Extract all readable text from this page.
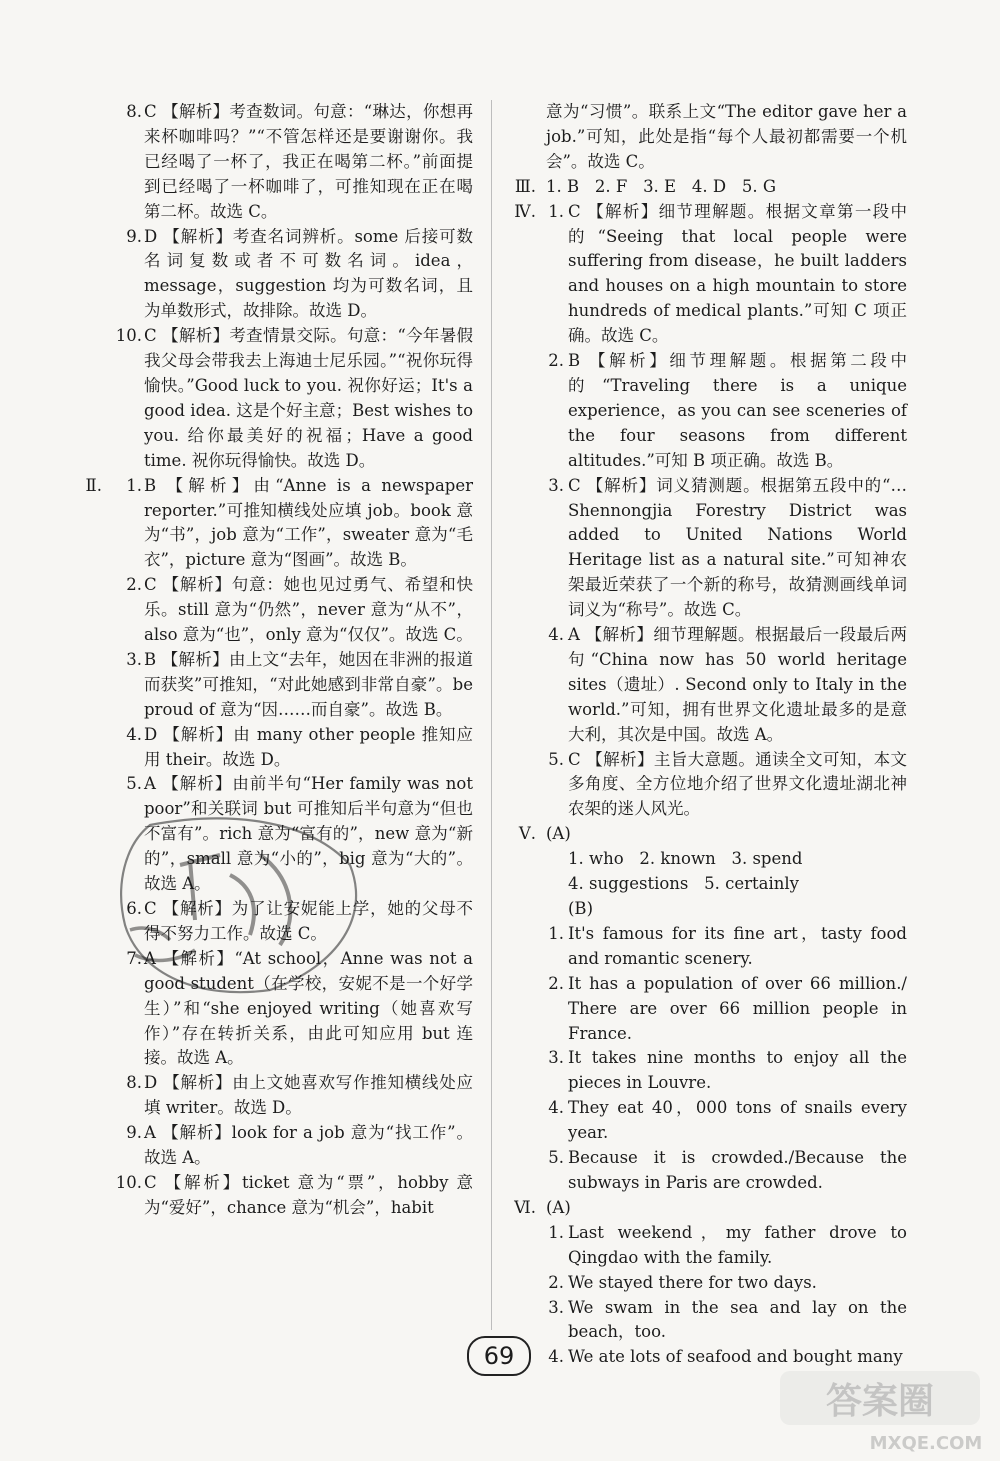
8. C 【解析】考查数词。句意：“琳达，你想再来杯咖啡吗？”“不管怎样还是要谢谢你。我已经喝了一杯了，我正在喝第二杯。”前面提到已经喝了一杯咖啡了，可推知现在正在喝第二杯。故选 C。

9. D 【解析】考查名词辨析。some 后接可数名词复数或者不可数名词。idea，message，suggestion 均为可数名词，且为单数形式，故排除。故选 D。

10. C 【解析】考查情景交际。句意：“今年暑假我父母会带我去上海迪士尼乐园。”“祝你玩得愉快。”Good luck to you. 祝你好运；It's a good idea. 这是个好主意；Best wishes to you. 给你最美好的祝福；Have a good time. 祝你玩得愉快。故选 D。

Ⅱ.	1. B 【解析】由“Anne is a newspaper reporter.”可推知横线处应填 job。book 意为“书”，job 意为“工作”，sweater 意为“毛衣”，picture 意为“图画”。故选 B。

2. C 【解析】句意：她也见过勇气、希望和快乐。still 意为“仍然”，never 意为“从不”，also 意为“也”，only 意为“仅仅”。故选 C。

3. B 【解析】由上文“去年，她因在非洲的报道而获奖”可推知，“对此她感到非常自豪”。be proud of 意为“因……而自豪”。故选 B。

4. D 【解析】由 many other people 推知应用 their。故选 D。

5. A 【解析】由前半句“Her family was not poor”和关联词 but 可推知后半句意为“但也不富有”。rich 意为“富有的”，new 意为“新的”，small 意为“小的”，big 意为“大的”。故选 A。

6. C 【解析】为了让安妮能上学，她的父母不得不努力工作。故选 C。

7. A 【解析】“At school，Anne was not a good student（在学校，安妮不是一个好学生）”和“she enjoyed writing（她喜欢写作）”存在转折关系，由此可知应用 but 连接。故选 A。

8. D 【解析】由上文她喜欢写作推知横线处应填 writer。故选 D。

9. A 【解析】look for a job 意为“找工作”。故选 A。

10. C 【解析】ticket 意为“票”，hobby 意为“爱好”，chance 意为“机会”，habit

意为“习惯”。联系上文“The editor gave her a job.”可知，此处是指“每个人最初都需要一个机会”。故选 C。

Ⅲ. 1. B 2. F 3. E 4. D 5. G

Ⅳ. 1. C 【解析】细节理解题。根据文章第一段中的“Seeing that local people were suffering from disease，he built ladders and houses on a high mountain to store hundreds of medical plants.”可知 C 项正确。故选 C。

2. B 【解析】细节理解题。根据第二段中的“Traveling there is a unique experience，as you can see sceneries of the four seasons from different altitudes.”可知 B 项正确。故选 B。

3. C 【解析】词义猜测题。根据第五段中的“… Shennongjia Forestry District was added to United Nations World Heritage list as a natural site.”可知神农架最近荣获了一个新的称号，故猜测画线单词词义为“称号”。故选 C。

4. A 【解析】细节理解题。根据最后一段最后两句“China now has 50 world heritage sites（遗址）. Second only to Italy in the world.”可知，拥有世界文化遗址最多的是意大利，其次是中国。故选 A。

5. C 【解析】主旨大意题。通读全文可知，本文多角度、全方位地介绍了世界文化遗址湖北神农架的迷人风光。

Ⅴ. (A)

1. who 2. known 3. spend

4. suggestions 5. certainly

(B)

1. It's famous for its fine art，tasty food and romantic scenery.

2. It has a population of over 66 million./ There are over 66 million people in France.

3. It takes nine months to enjoy all the pieces in Louvre.

4. They eat 40，000 tons of snails every year.

5. Because it is crowded./Because the subways in Paris are crowded.

Ⅵ. (A)

1. Last weekend，my father drove to Qingdao with the family.

2. We stayed there for two days.

3. We swam in the sea and lay on the beach，too.

4. We ate lots of seafood and bought many

69
答案圈
MXQE.COM
